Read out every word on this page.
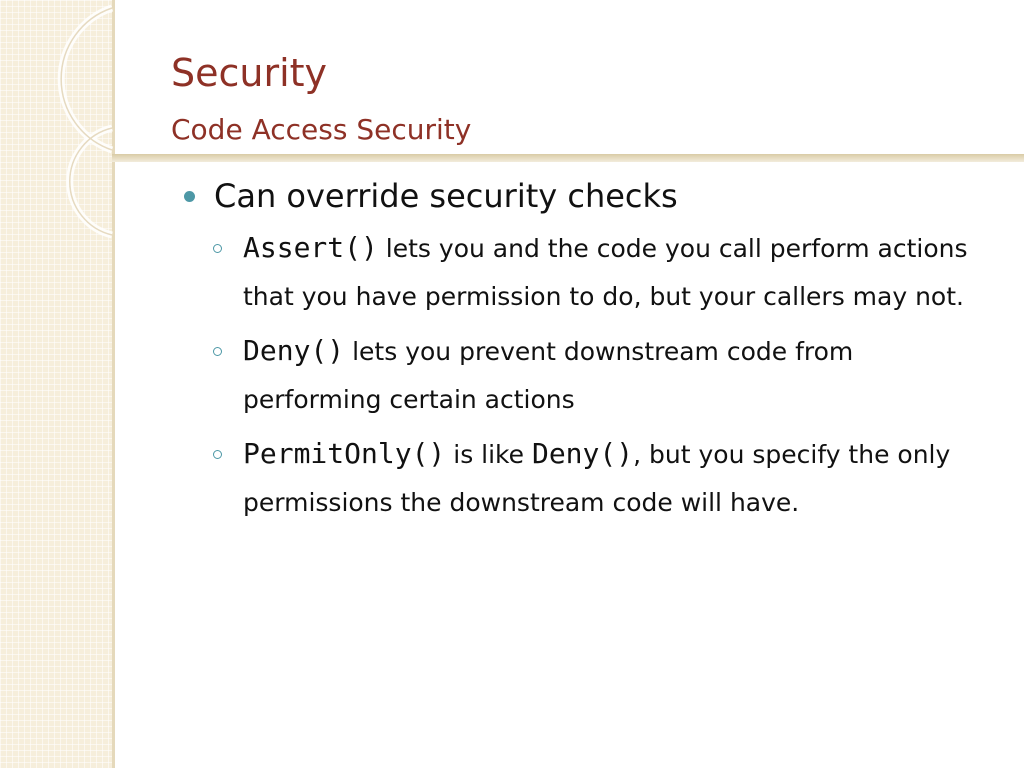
Security
Code Access Security
Can override security checks
Assert() lets you and the code you call perform actions that you have permission to do, but your callers may not.
Deny() lets you prevent downstream code from performing certain actions
PermitOnly() is like Deny(), but you specify the only permissions the downstream code will have.
